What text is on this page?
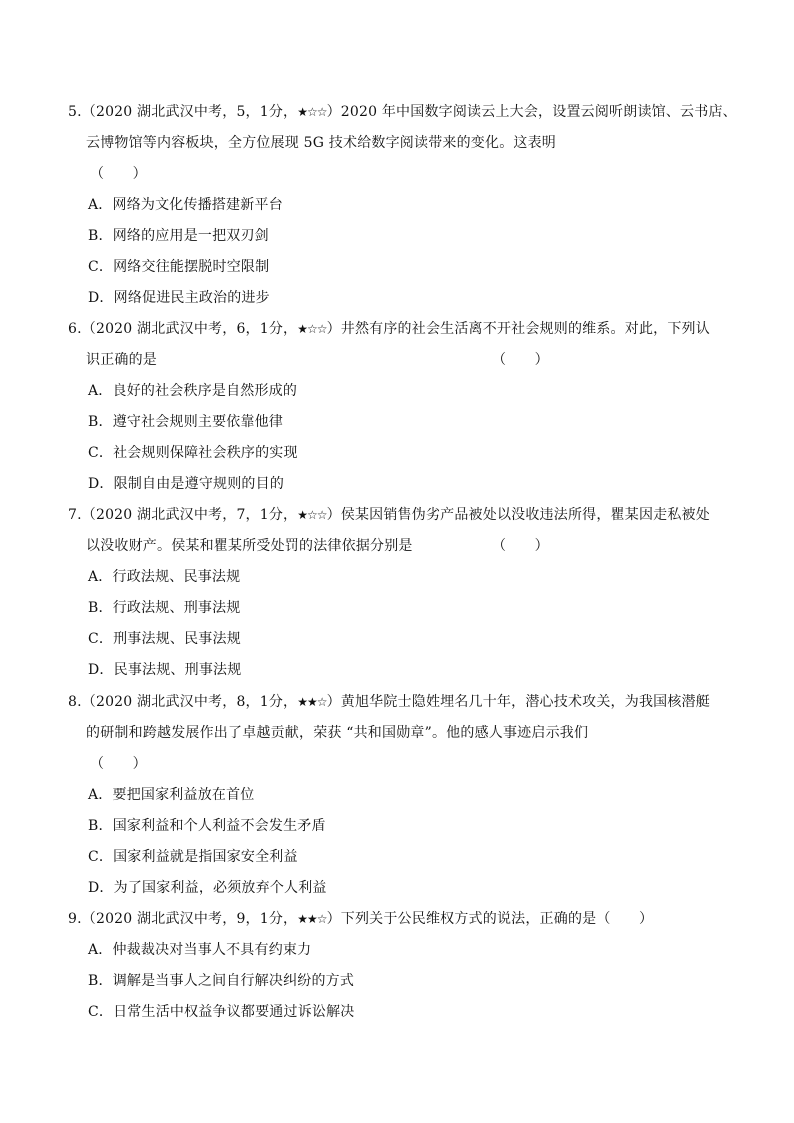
5.（2020 湖北武汉中考，5，1分，★☆☆）2020 年中国数字阅读云上大会，设置云阅听朗读馆、云书店、
云博物馆等内容板块，全方位展现 5G 技术给数字阅读带来的变化。这表明
（　　）
A．网络为文化传播搭建新平台
B．网络的应用是一把双刃剑
C．网络交往能摆脱时空限制
D．网络促进民主政治的进步
6.（2020 湖北武汉中考，6，1分，★☆☆）井然有序的社会生活离不开社会规则的维系。对此，下列认
识正确的是	（　　）
A．良好的社会秩序是自然形成的
B．遵守社会规则主要依靠他律
C．社会规则保障社会秩序的实现
D．限制自由是遵守规则的目的
7.（2020 湖北武汉中考，7，1分，★☆☆）侯某因销售伪劣产品被处以没收违法所得，瞿某因走私被处
以没收财产。侯某和瞿某所受处罚的法律依据分别是	（　　）
A．行政法规、民事法规
B．行政法规、刑事法规
C．刑事法规、民事法规
D．民事法规、刑事法规
8.（2020 湖北武汉中考，8，1分，★★☆）黄旭华院士隐姓埋名几十年，潜心技术攻关，为我国核潜艇
的研制和跨越发展作出了卓越贡献，荣获 “共和国勋章”。他的感人事迹启示我们
（　　）
A．要把国家利益放在首位
B．国家利益和个人利益不会发生矛盾
C．国家利益就是指国家安全利益
D．为了国家利益，必须放弃个人利益
9.（2020 湖北武汉中考，9，1分，★★☆）下列关于公民维权方式的说法，正确的是（　　）
A．仲裁裁决对当事人不具有约束力
B．调解是当事人之间自行解决纠纷的方式
C．日常生活中权益争议都要通过诉讼解决
